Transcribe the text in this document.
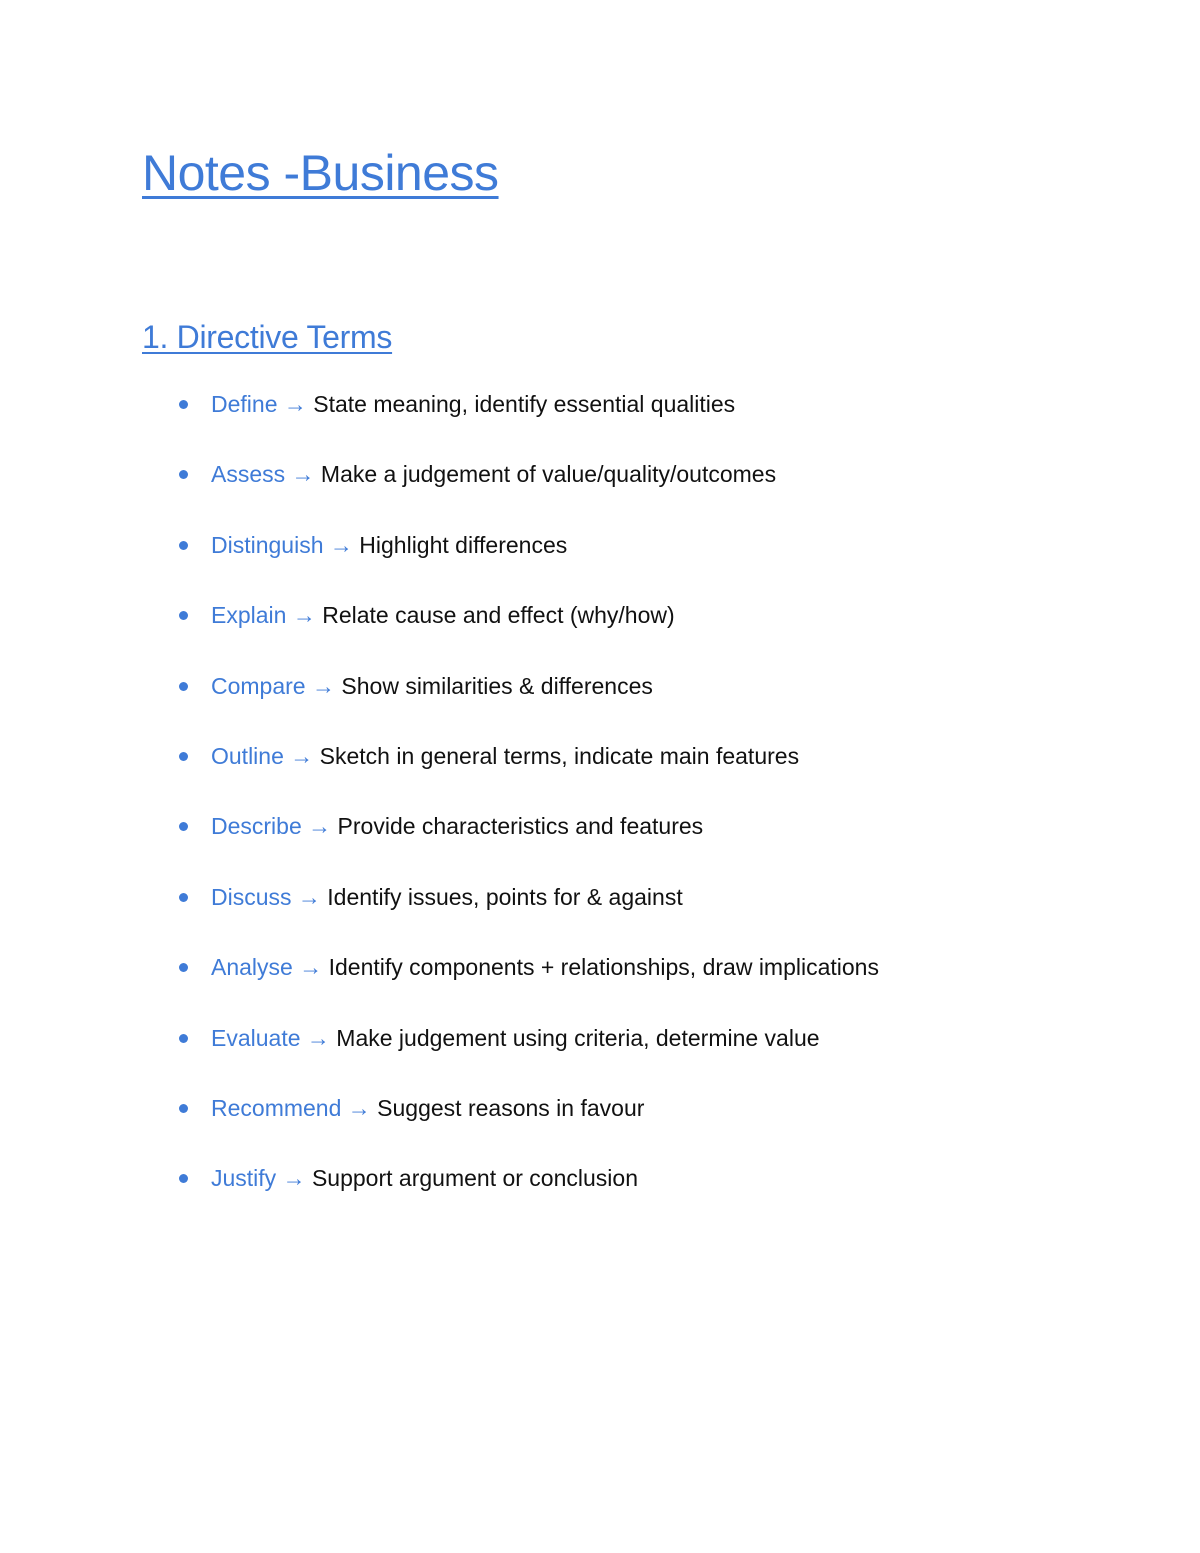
Notes -Business
1. Directive Terms
Define → State meaning, identify essential qualities
Assess → Make a judgement of value/quality/outcomes
Distinguish → Highlight differences
Explain → Relate cause and effect (why/how)
Compare → Show similarities & differences
Outline → Sketch in general terms, indicate main features
Describe → Provide characteristics and features
Discuss → Identify issues, points for & against
Analyse → Identify components + relationships, draw implications
Evaluate → Make judgement using criteria, determine value
Recommend → Suggest reasons in favour
Justify → Support argument or conclusion
